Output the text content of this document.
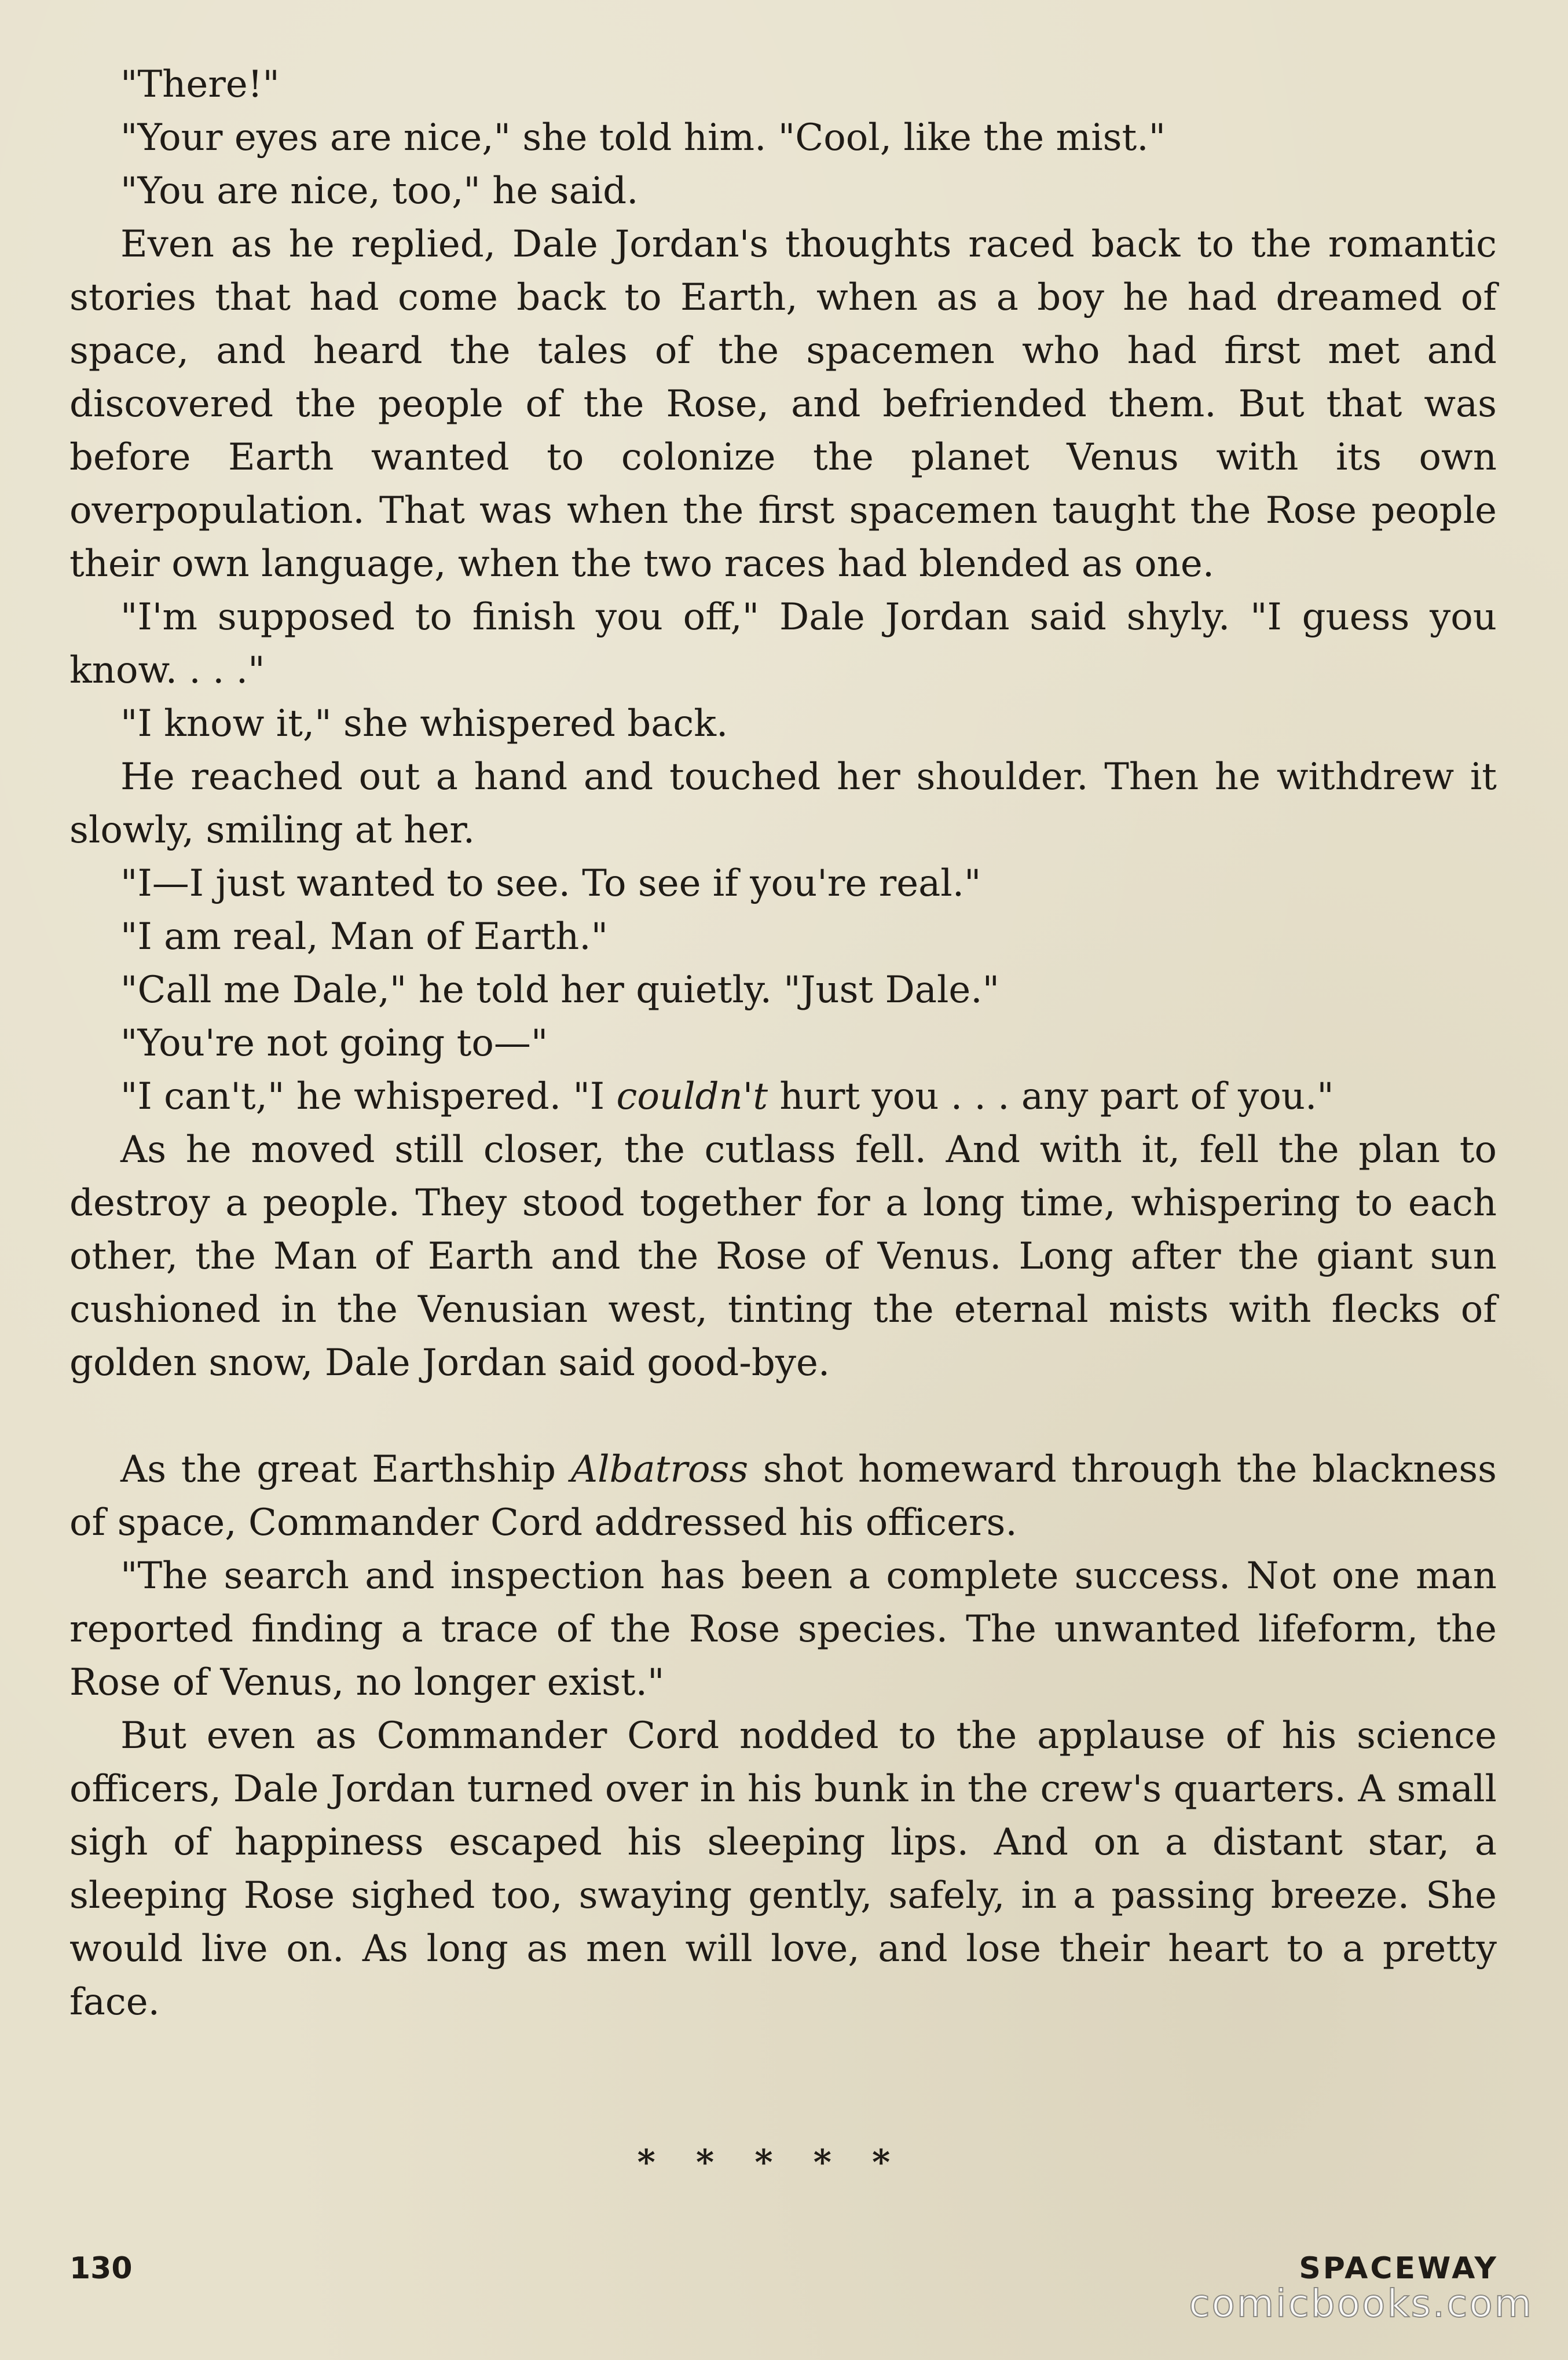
"There!"

"Your eyes are nice," she told him. "Cool, like the mist."

"You are nice, too," he said.

Even as he replied, Dale Jordan's thoughts raced back to the romantic stories that had come back to Earth, when as a boy he had dreamed of space, and heard the tales of the spacemen who had first met and discovered the people of the Rose, and befriended them. But that was before Earth wanted to colonize the planet Venus with its own overpopulation. That was when the first spacemen taught the Rose people their own language, when the two races had blended as one.

"I'm supposed to finish you off," Dale Jordan said shyly. "I guess you know. . . ."

"I know it," she whispered back.

He reached out a hand and touched her shoulder. Then he withdrew it slowly, smiling at her.

"I—I just wanted to see. To see if you're real."

"I am real, Man of Earth."

"Call me Dale," he told her quietly. "Just Dale."

"You're not going to—"

"I can't," he whispered. "I couldn't hurt you . . . any part of you."

As he moved still closer, the cutlass fell. And with it, fell the plan to destroy a people. They stood together for a long time, whispering to each other, the Man of Earth and the Rose of Venus. Long after the giant sun cushioned in the Venusian west, tinting the eternal mists with flecks of golden snow, Dale Jordan said good-bye.

As the great Earthship Albatross shot homeward through the blackness of space, Commander Cord addressed his officers.

"The search and inspection has been a complete success. Not one man reported finding a trace of the Rose species. The unwanted lifeform, the Rose of Venus, no longer exist."

But even as Commander Cord nodded to the applause of his science officers, Dale Jordan turned over in his bunk in the crew's quarters. A small sigh of happiness escaped his sleeping lips. And on a distant star, a sleeping Rose sighed too, swaying gently, safely, in a passing breeze. She would live on. As long as men will love, and lose their heart to a pretty face.

*****
130	SPACEWAY
comicbooks.com
